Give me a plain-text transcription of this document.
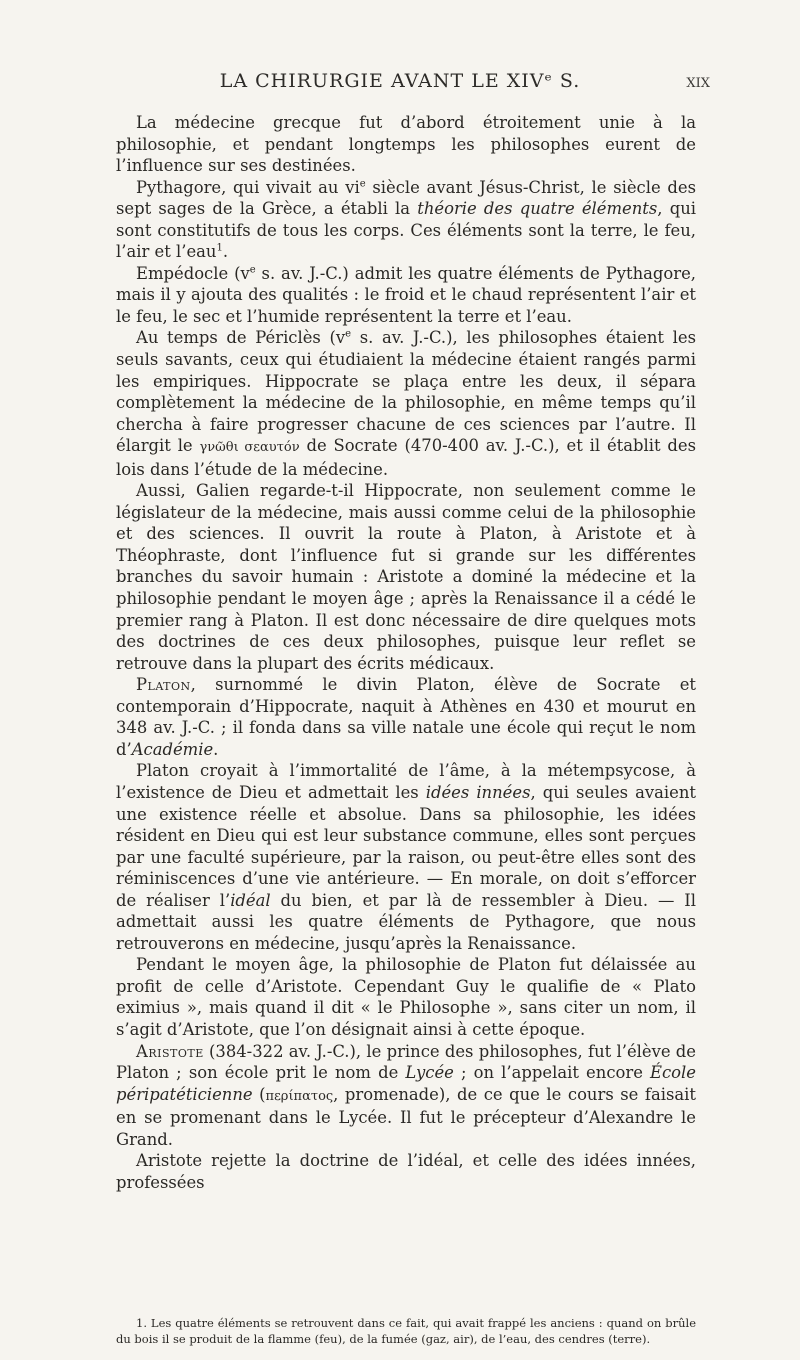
LA CHIRURGIE AVANT LE XIVᵉ S.	XIX

La médecine grecque fut d’abord étroitement unie à la philosophie, et pendant longtemps les philosophes eurent de l’influence sur ses destinées.

Pythagore, qui vivait au $vi^e$ siècle avant Jésus-Christ, le siècle des sept sages de la Grèce, a établi la théorie des quatre éléments, qui sont constitutifs de tous les corps. Ces éléments sont la terre, le feu, l’air et l’eau$^1$.

Empédocle ($v^e$ s. av. J.-C.) admit les quatre éléments de Pythagore, mais il y ajouta des qualités : le froid et le chaud représentent l’air et le feu, le sec et l’humide représentent la terre et l’eau.

Au temps de Périclès ($v^e$ s. av. J.-C.), les philosophes étaient les seuls savants, ceux qui étudiaient la médecine étaient rangés parmi les empiriques. Hippocrate se plaça entre les deux, il sépara complètement la médecine de la philosophie, en même temps qu’il chercha à faire progresser chacune de ces sciences par l’autre. Il élargit le γνῶθι σεαυτόν de Socrate (470-400 av. J.-C.), et il établit des lois dans l’étude de la médecine.

Aussi, Galien regarde-t-il Hippocrate, non seulement comme le législateur de la médecine, mais aussi comme celui de la philosophie et des sciences. Il ouvrit la route à Platon, à Aristote et à Théophraste, dont l’influence fut si grande sur les différentes branches du savoir humain : Aristote a dominé la médecine et la philosophie pendant le moyen âge ; après la Renaissance il a cédé le premier rang à Platon. Il est donc nécessaire de dire quelques mots des doctrines de ces deux philosophes, puisque leur reflet se retrouve dans la plupart des écrits médicaux.

Platon, surnommé le divin Platon, élève de Socrate et contemporain d’Hippocrate, naquit à Athènes en 430 et mourut en 348 av. J.-C. ; il fonda dans sa ville natale une école qui reçut le nom d’Académie.

Platon croyait à l’immortalité de l’âme, à la métempsycose, à l’existence de Dieu et admettait les idées innées, qui seules avaient une existence réelle et absolue. Dans sa philosophie, les idées résident en Dieu qui est leur substance commune, elles sont perçues par une faculté supérieure, par la raison, ou peut-être elles sont des réminiscences d’une vie antérieure. — En morale, on doit s’efforcer de réaliser l’idéal du bien, et par là de ressembler à Dieu. — Il admettait aussi les quatre éléments de Pythagore, que nous retrouverons en médecine, jusqu’après la Renaissance.

Pendant le moyen âge, la philosophie de Platon fut délaissée au profit de celle d’Aristote. Cependant Guy le qualifie de « Plato eximius », mais quand il dit « le Philosophe », sans citer un nom, il s’agit d’Aristote, que l’on désignait ainsi à cette époque.

Aristote (384-322 av. J.-C.), le prince des philosophes, fut l’élève de Platon ; son école prit le nom de Lycée ; on l’appelait encore École péripatéticienne (περίπατος, promenade), de ce que le cours se faisait en se promenant dans le Lycée. Il fut le précepteur d’Alexandre le Grand.

Aristote rejette la doctrine de l’idéal, et celle des idées innées, professées

1. Les quatre éléments se retrouvent dans ce fait, qui avait frappé les anciens : quand on brûle du bois il se produit de la flamme (feu), de la fumée (gaz, air), de l’eau, des cendres (terre).
